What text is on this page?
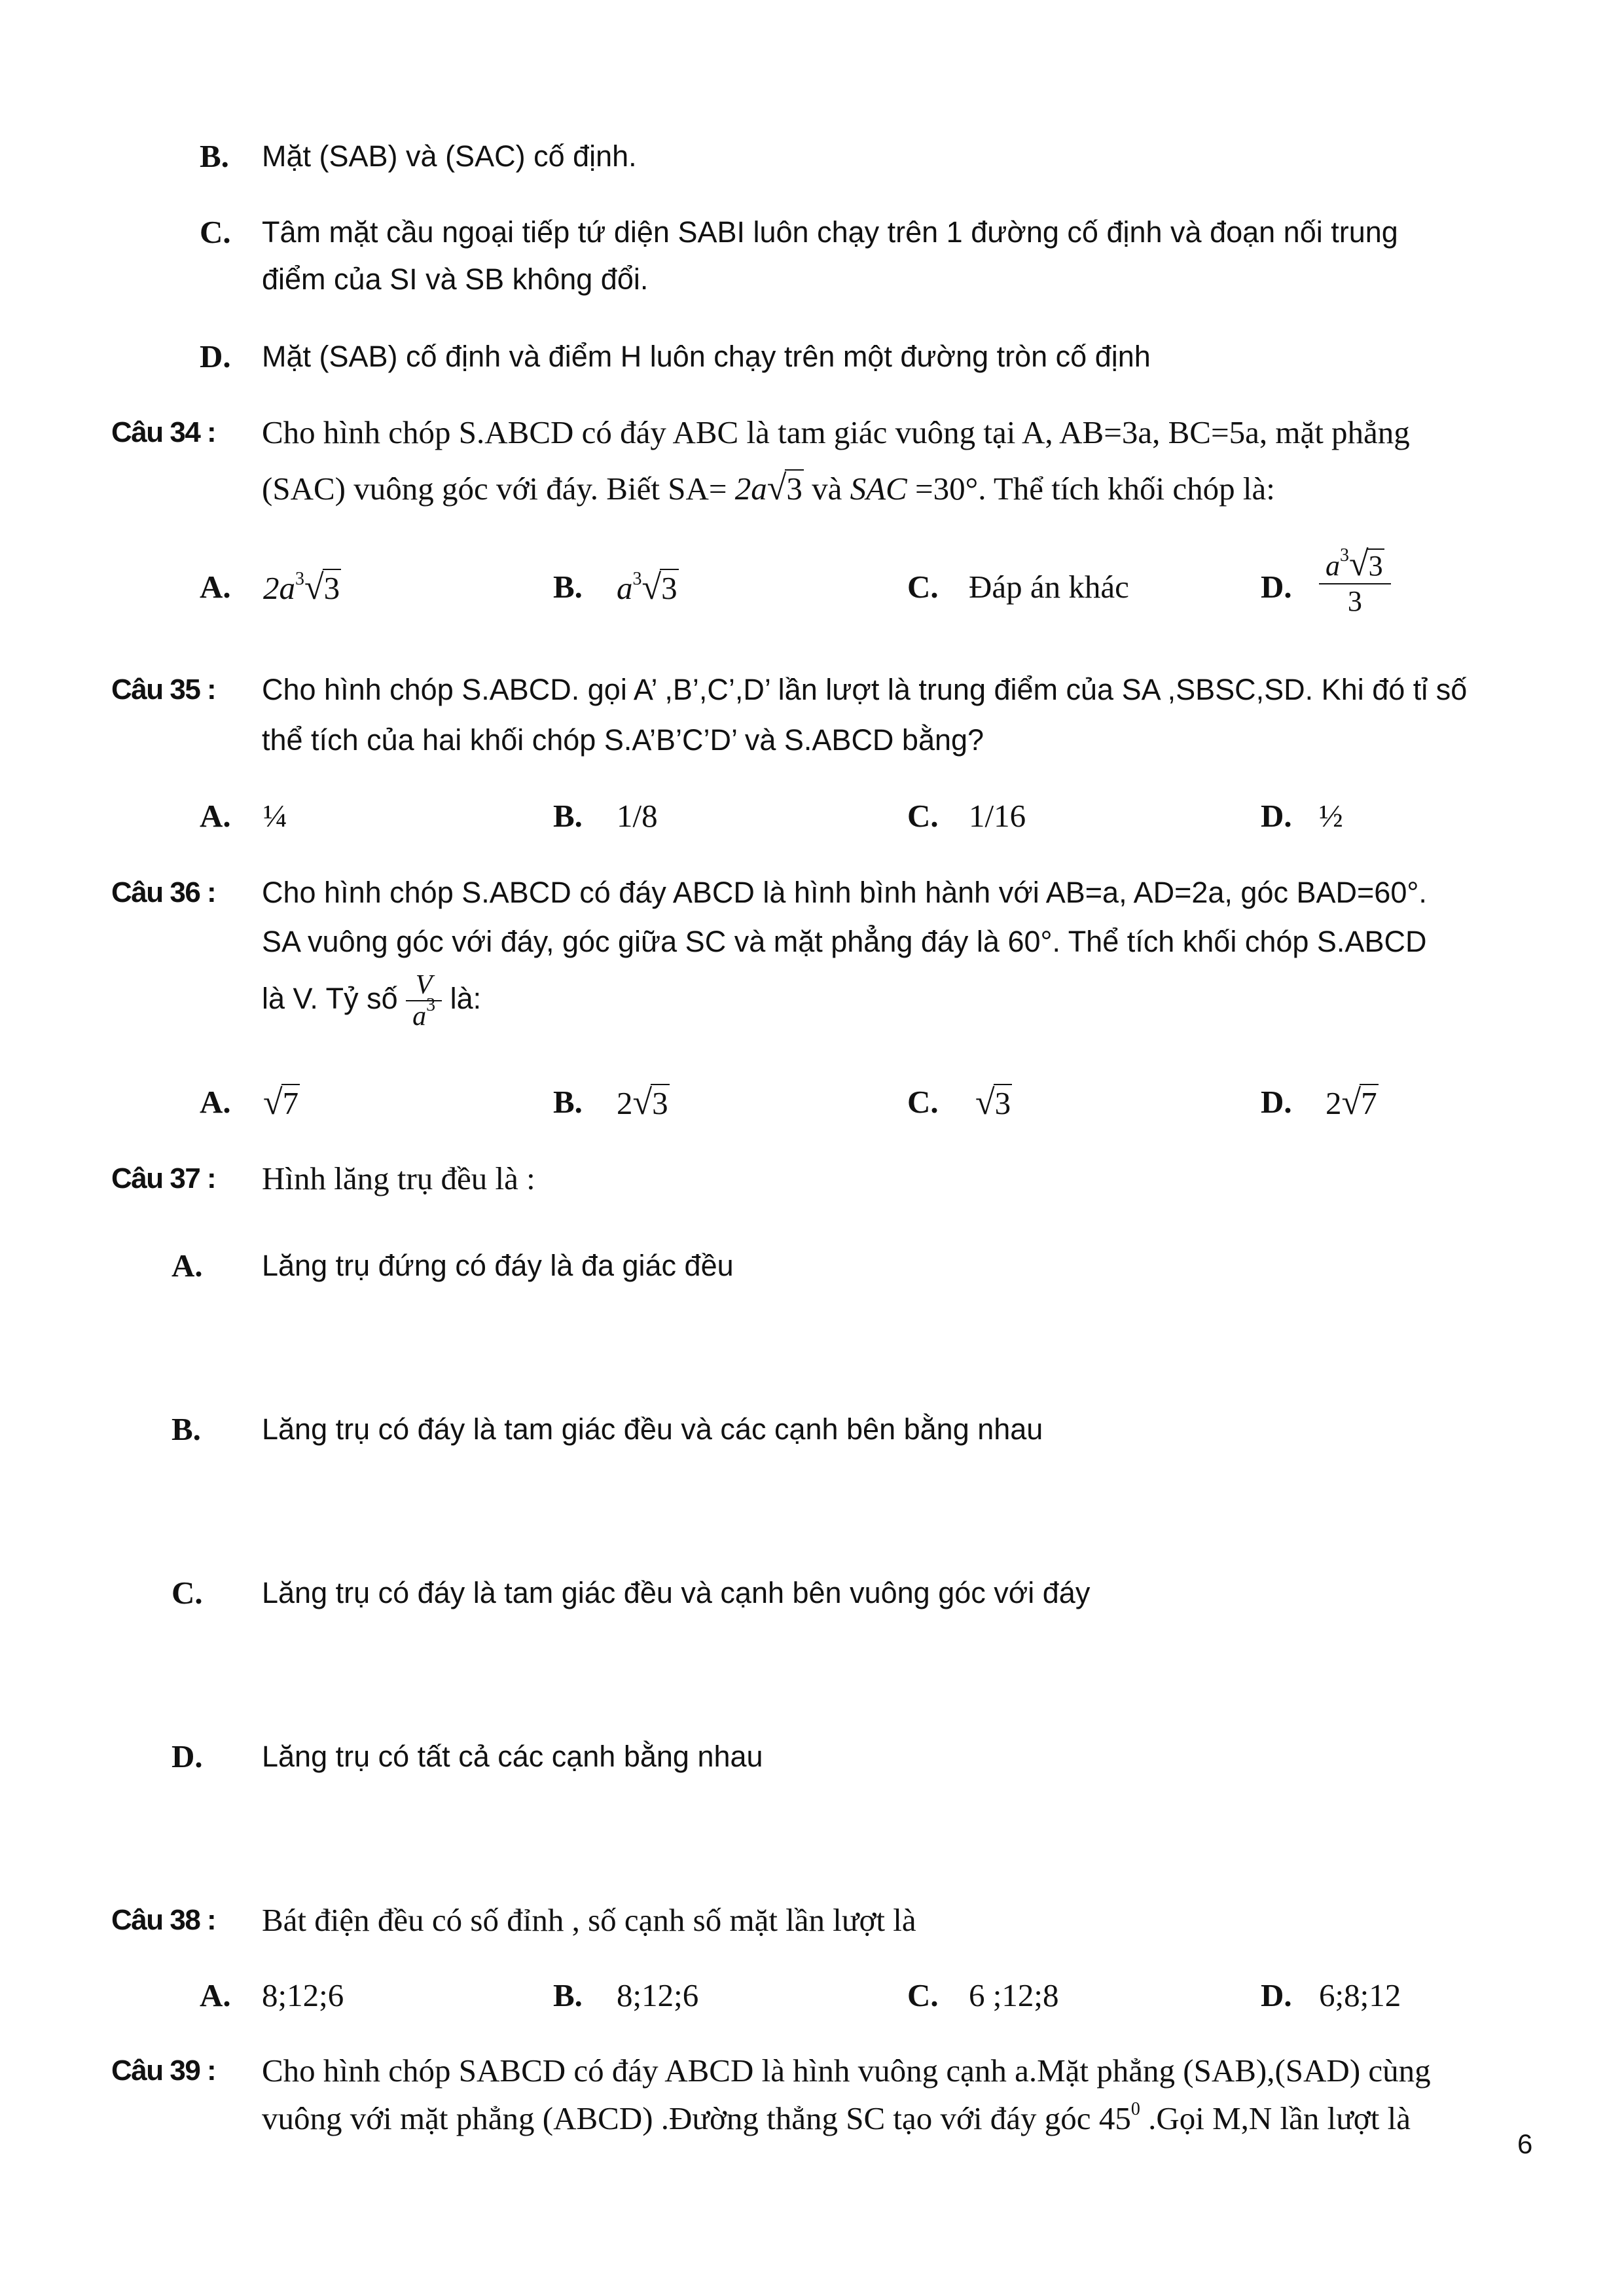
B. Mặt (SAB) và (SAC) cố định.
C. Tâm mặt cầu ngoại tiếp tứ diện SABI luôn chạy trên 1 đường cố định và đoạn nối trung
điểm của SI và SB không đổi.
D. Mặt (SAB) cố định và điểm H luôn chạy trên một đường tròn cố định
Câu 34 :	Cho hình chóp S.ABCD có đáy ABC là tam giác vuông tại A, AB=3a, BC=5a, mặt phẳng
(SAC) vuông góc với đáy. Biết SA= 2a√3 và SAC =30°. Thể tích khối chóp là:
A. $2a^3√3$	B. $a^3√3$	C. Đáp án khác	D. $\frac{a^3√3}{3}$
Câu 35 :	Cho hình chóp S.ABCD. gọi A’ ,B’,C’,D’ lần lượt là trung điểm của SA ,SBSC,SD. Khi đó tỉ số
thể tích của hai khối chóp S.A’B’C’D’ và S.ABCD bằng?
A. ¼	B. 1/8	C. 1/16	D. ½
Câu 36 :	Cho hình chóp S.ABCD có đáy ABCD là hình bình hành với AB=a, AD=2a, góc BAD=60°.
SA vuông góc với đáy, góc giữa SC và mặt phẳng đáy là 60°. Thể tích khối chóp S.ABCD
là V. Tỷ số $\frac{V}{a^3}$ là:
A. √7	B. 2√3	C. √3	D. 2√7
Câu 37 :	Hình lăng trụ đều là :
A. Lăng trụ đứng có đáy là đa giác đều
B. Lăng trụ có đáy là tam giác đều và các cạnh bên bằng nhau
C. Lăng trụ có đáy là tam giác đều và cạnh bên vuông góc với đáy
D. Lăng trụ có tất cả các cạnh bằng nhau
Câu 38 :	Bát điện đều có số đỉnh , số cạnh số mặt lần lượt là
A. 8;12;6	B. 8;12;6	C. 6 ;12;8	D. 6;8;12
Câu 39 :	Cho hình chóp SABCD có đáy ABCD là hình vuông cạnh a.Mặt phẳng (SAB),(SAD) cùng
vuông với mặt phẳng (ABCD) .Đường thẳng SC tạo với đáy góc $45^0$ .Gọi M,N lần lượt là
6
